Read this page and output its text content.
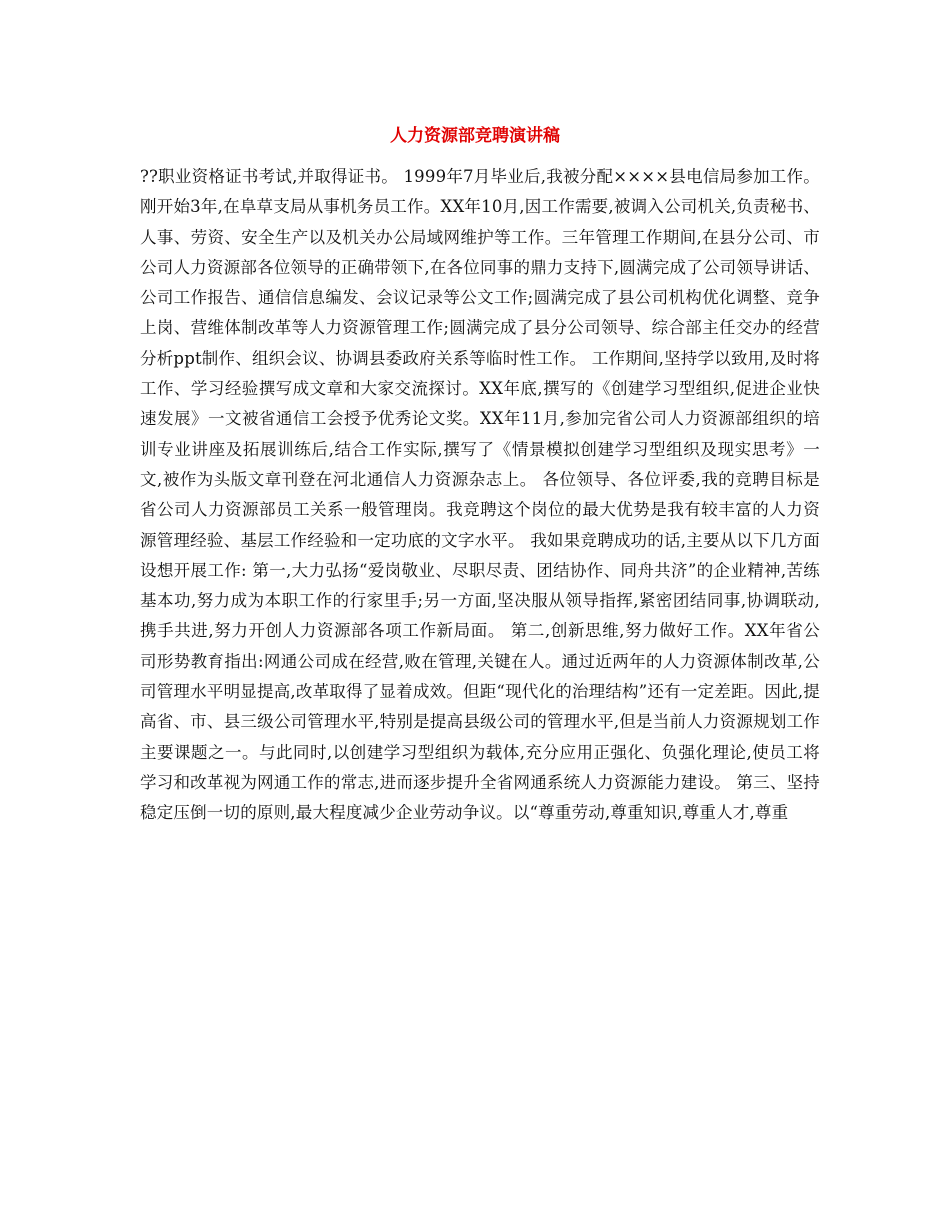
人力资源部竞聘演讲稿

??职业资格证书考试,并取得证书。 1999年7月毕业后,我被分配××××县电信局参加工作。刚开始3年,在阜草支局从事机务员工作。XX年10月,因工作需要,被调入公司机关,负责秘书、人事、劳资、安全生产以及机关办公局域网维护等工作。三年管理工作期间,在县分公司、市公司人力资源部各位领导的正确带领下,在各位同事的鼎力支持下,圆满完成了公司领导讲话、公司工作报告、通信信息编发、会议记录等公文工作;圆满完成了县公司机构优化调整、竞争上岗、营维体制改革等人力资源管理工作;圆满完成了县分公司领导、综合部主任交办的经营分析ppt制作、组织会议、协调县委政府关系等临时性工作。 工作期间,坚持学以致用,及时将工作、学习经验撰写成文章和大家交流探讨。XX年底,撰写的《创建学习型组织,促进企业快速发展》一文被省通信工会授予优秀论文奖。XX年11月,参加完省公司人力资源部组织的培训专业讲座及拓展训练后,结合工作实际,撰写了《情景模拟创建学习型组织及现实思考》一文,被作为头版文章刊登在河北通信人力资源杂志上。 各位领导、各位评委,我的竞聘目标是省公司人力资源部员工关系一般管理岗。我竞聘这个岗位的最大优势是我有较丰富的人力资源管理经验、基层工作经验和一定功底的文字水平。 我如果竞聘成功的话,主要从以下几方面设想开展工作: 第一,大力弘扬“爱岗敬业、尽职尽责、团结协作、同舟共济”的企业精神,苦练基本功,努力成为本职工作的行家里手;另一方面,坚决服从领导指挥,紧密团结同事,协调联动,携手共进,努力开创人力资源部各项工作新局面。 第二,创新思维,努力做好工作。XX年省公司形势教育指出:网通公司成在经营,败在管理,关键在人。通过近两年的人力资源体制改革,公司管理水平明显提高,改革取得了显着成效。但距“现代化的治理结构”还有一定差距。因此,提高省、市、县三级公司管理水平,特别是提高县级公司的管理水平,但是当前人力资源规划工作主要课题之一。与此同时,以创建学习型组织为载体,充分应用正强化、负强化理论,使员工将学习和改革视为网通工作的常志,进而逐步提升全省网通系统人力资源能力建设。 第三、坚持稳定压倒一切的原则,最大程度减少企业劳动争议。以“尊重劳动,尊重知识,尊重人才,尊重
